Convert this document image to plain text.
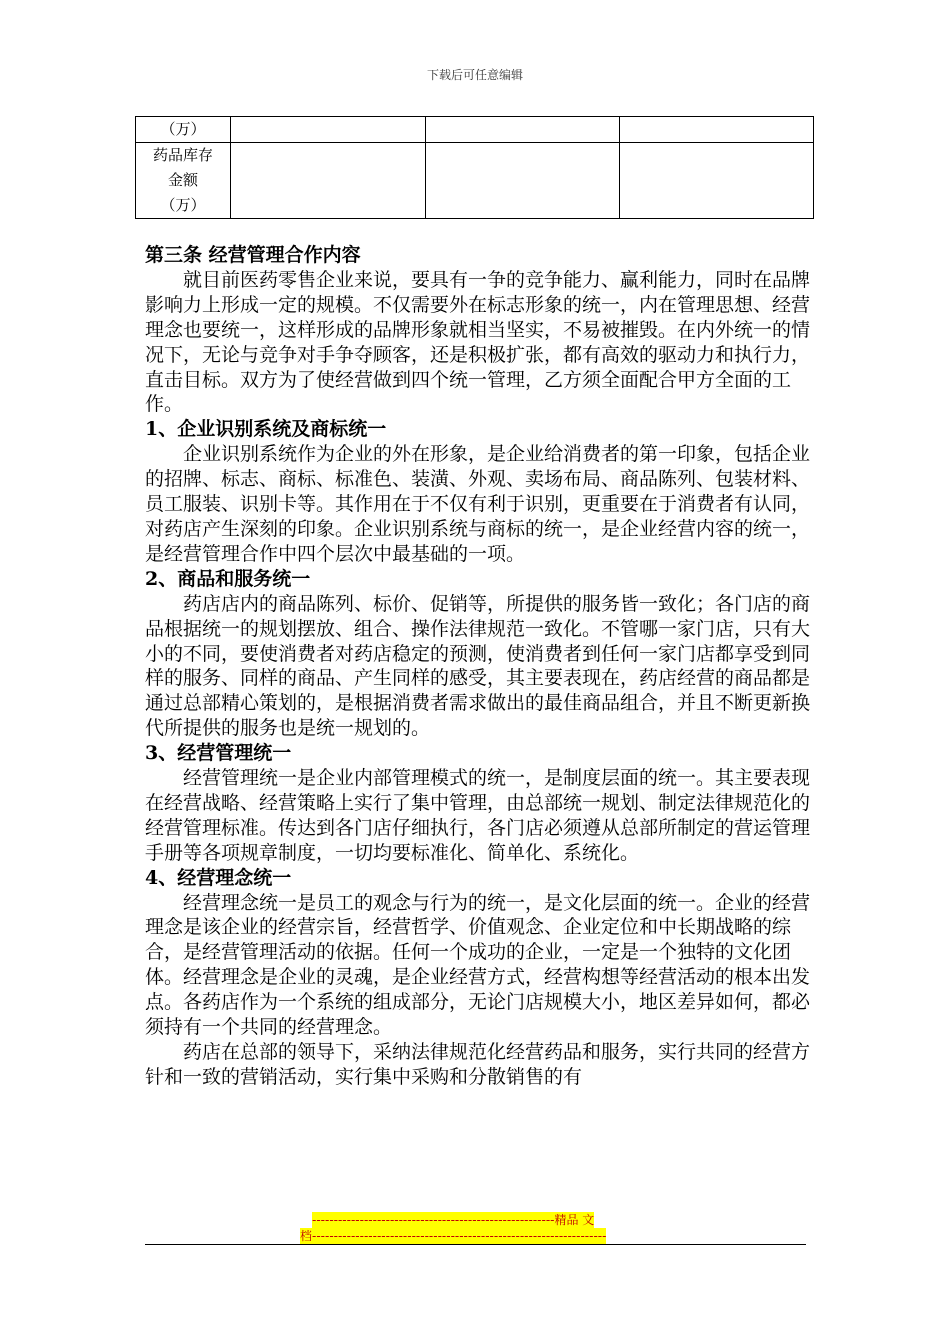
下载后可任意编辑
（万）			

药品库存
金额
（万）			

第三条 经营管理合作内容

就目前医药零售企业来说，要具有一争的竞争能力、赢利能力，同时在品牌影响力上形成一定的规模。不仅需要外在标志形象的统一，内在管理思想、经营理念也要统一，这样形成的品牌形象就相当坚实，不易被摧毁。在内外统一的情况下，无论与竞争对手争夺顾客，还是积极扩张，都有高效的驱动力和执行力，直击目标。双方为了使经营做到四个统一管理，乙方须全面配合甲方全面的工作。

1、企业识别系统及商标统一

企业识别系统作为企业的外在形象，是企业给消费者的第一印象，包括企业的招牌、标志、商标、标准色、装潢、外观、卖场布局、商品陈列、包装材料、员工服装、识别卡等。其作用在于不仅有利于识别，更重要在于消费者有认同，对药店产生深刻的印象。企业识别系统与商标的统一，是企业经营内容的统一，是经营管理合作中四个层次中最基础的一项。

2、商品和服务统一

药店店内的商品陈列、标价、促销等，所提供的服务皆一致化；各门店的商品根据统一的规划摆放、组合、操作法律规范一致化。不管哪一家门店，只有大小的不同，要使消费者对药店稳定的预测，使消费者到任何一家门店都享受到同样的服务、同样的商品、产生同样的感受，其主要表现在，药店经营的商品都是通过总部精心策划的，是根据消费者需求做出的最佳商品组合，并且不断更新换代所提供的服务也是统一规划的。

3、经营管理统一

经营管理统一是企业内部管理模式的统一，是制度层面的统一。其主要表现在经营战略、经营策略上实行了集中管理，由总部统一规划、制定法律规范化的经营管理标准。传达到各门店仔细执行，各门店必须遵从总部所制定的营运管理手册等各项规章制度，一切均要标准化、简单化、系统化。

4、经营理念统一

经营理念统一是员工的观念与行为的统一，是文化层面的统一。企业的经营理念是该企业的经营宗旨，经营哲学、价值观念、企业定位和中长期战略的综合，是经营管理活动的依据。任何一个成功的企业，一定是一个独特的文化团体。经营理念是企业的灵魂，是企业经营方式，经营构想等经营活动的根本出发点。各药店作为一个系统的组成部分，无论门店规模大小，地区差异如何，都必须持有一个共同的经营理念。

药店在总部的领导下，采纳法律规范化经营药品和服务，实行共同的经营方针和一致的营销活动，实行集中采购和分散销售的有

--------------------------------------------------------精品 文
档--------------------------------------------------------------------
